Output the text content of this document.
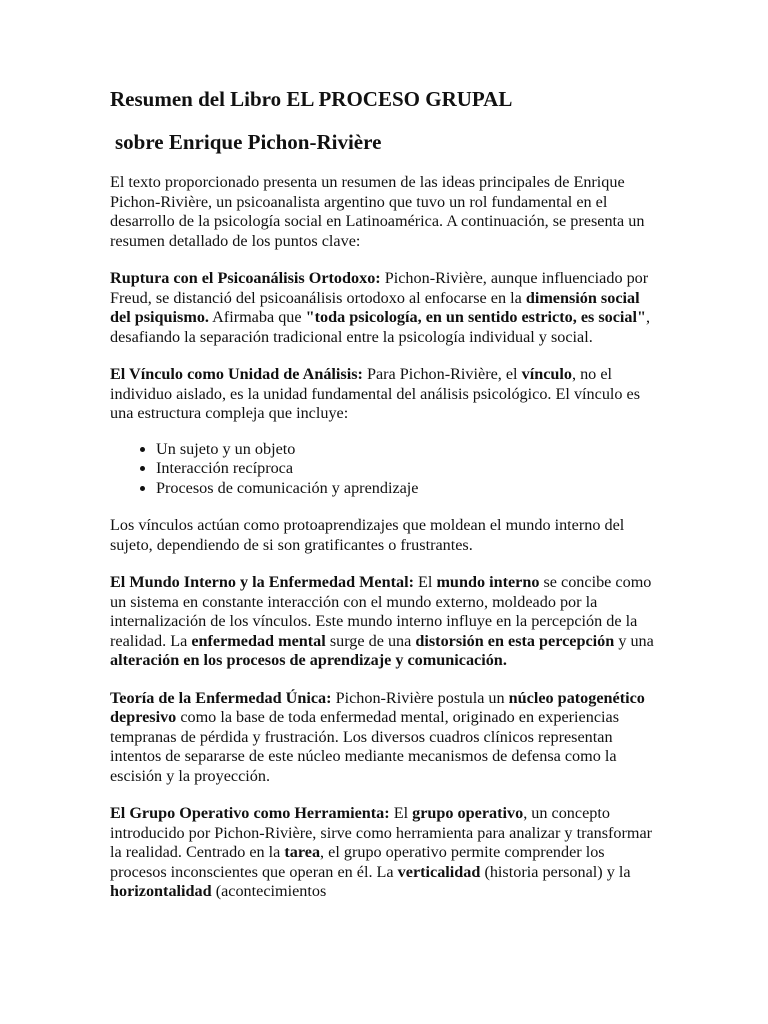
Resumen del Libro EL PROCESO GRUPAL
sobre Enrique Pichon-Rivière

El texto proporcionado presenta un resumen de las ideas principales de Enrique Pichon-Rivière, un psicoanalista argentino que tuvo un rol fundamental en el desarrollo de la psicología social en Latinoamérica. A continuación, se presenta un resumen detallado de los puntos clave:

Ruptura con el Psicoanálisis Ortodoxo: Pichon-Rivière, aunque influenciado por Freud, se distanció del psicoanálisis ortodoxo al enfocarse en la dimensión social del psiquismo. Afirmaba que "toda psicología, en un sentido estricto, es social", desafiando la separación tradicional entre la psicología individual y social.

El Vínculo como Unidad de Análisis: Para Pichon-Rivière, el vínculo, no el individuo aislado, es la unidad fundamental del análisis psicológico. El vínculo es una estructura compleja que incluye:

• Un sujeto y un objeto
• Interacción recíproca
• Procesos de comunicación y aprendizaje

Los vínculos actúan como protoaprendizajes que moldean el mundo interno del sujeto, dependiendo de si son gratificantes o frustrantes.

El Mundo Interno y la Enfermedad Mental: El mundo interno se concibe como un sistema en constante interacción con el mundo externo, moldeado por la internalización de los vínculos. Este mundo interno influye en la percepción de la realidad. La enfermedad mental surge de una distorsión en esta percepción y una alteración en los procesos de aprendizaje y comunicación.

Teoría de la Enfermedad Única: Pichon-Rivière postula un núcleo patogenético depresivo como la base de toda enfermedad mental, originado en experiencias tempranas de pérdida y frustración. Los diversos cuadros clínicos representan intentos de separarse de este núcleo mediante mecanismos de defensa como la escisión y la proyección.

El Grupo Operativo como Herramienta: El grupo operativo, un concepto introducido por Pichon-Rivière, sirve como herramienta para analizar y transformar la realidad. Centrado en la tarea, el grupo operativo permite comprender los procesos inconscientes que operan en él. La verticalidad (historia personal) y la horizontalidad (acontecimientos
